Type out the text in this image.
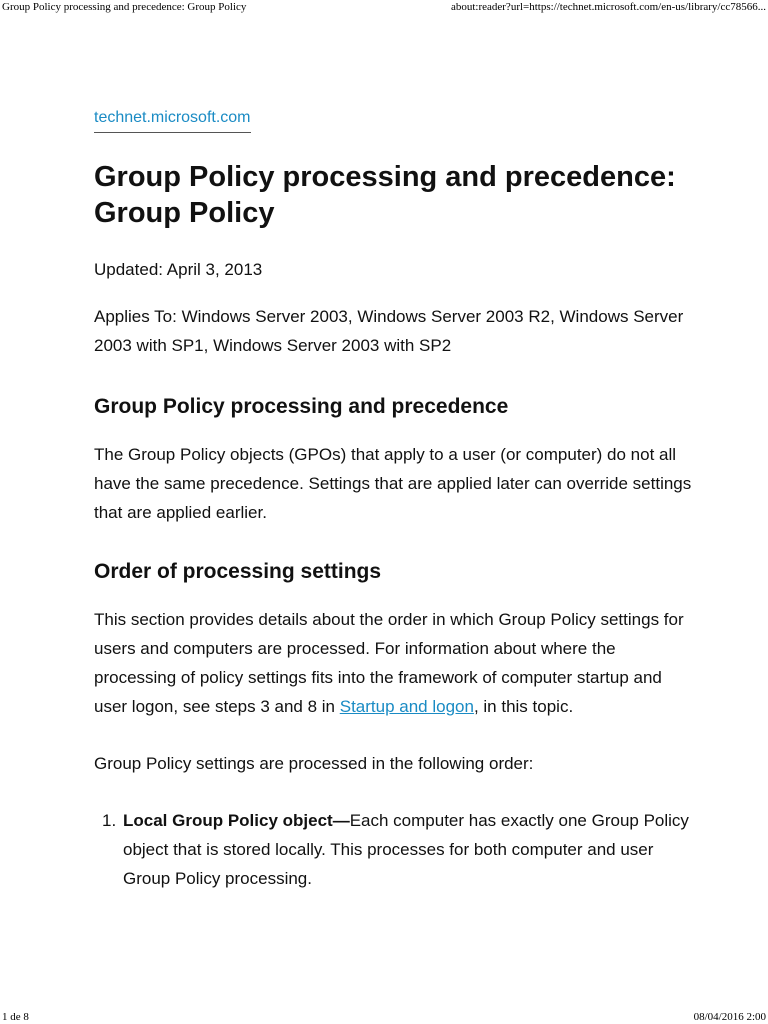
Group Policy processing and precedence: Group Policy	about:reader?url=https://technet.microsoft.com/en-us/library/cc78566...
technet.microsoft.com
Group Policy processing and precedence: Group Policy

Updated: April 3, 2013

Applies To: Windows Server 2003, Windows Server 2003 R2, Windows Server 2003 with SP1, Windows Server 2003 with SP2

Group Policy processing and precedence

The Group Policy objects (GPOs) that apply to a user (or computer) do not all have the same precedence. Settings that are applied later can override settings that are applied earlier.

Order of processing settings

This section provides details about the order in which Group Policy settings for users and computers are processed. For information about where the processing of policy settings fits into the framework of computer startup and user logon, see steps 3 and 8 in Startup and logon, in this topic.

Group Policy settings are processed in the following order:

1. Local Group Policy object—Each computer has exactly one Group Policy object that is stored locally. This processes for both computer and user Group Policy processing.
1 de 8	08/04/2016 2:00
